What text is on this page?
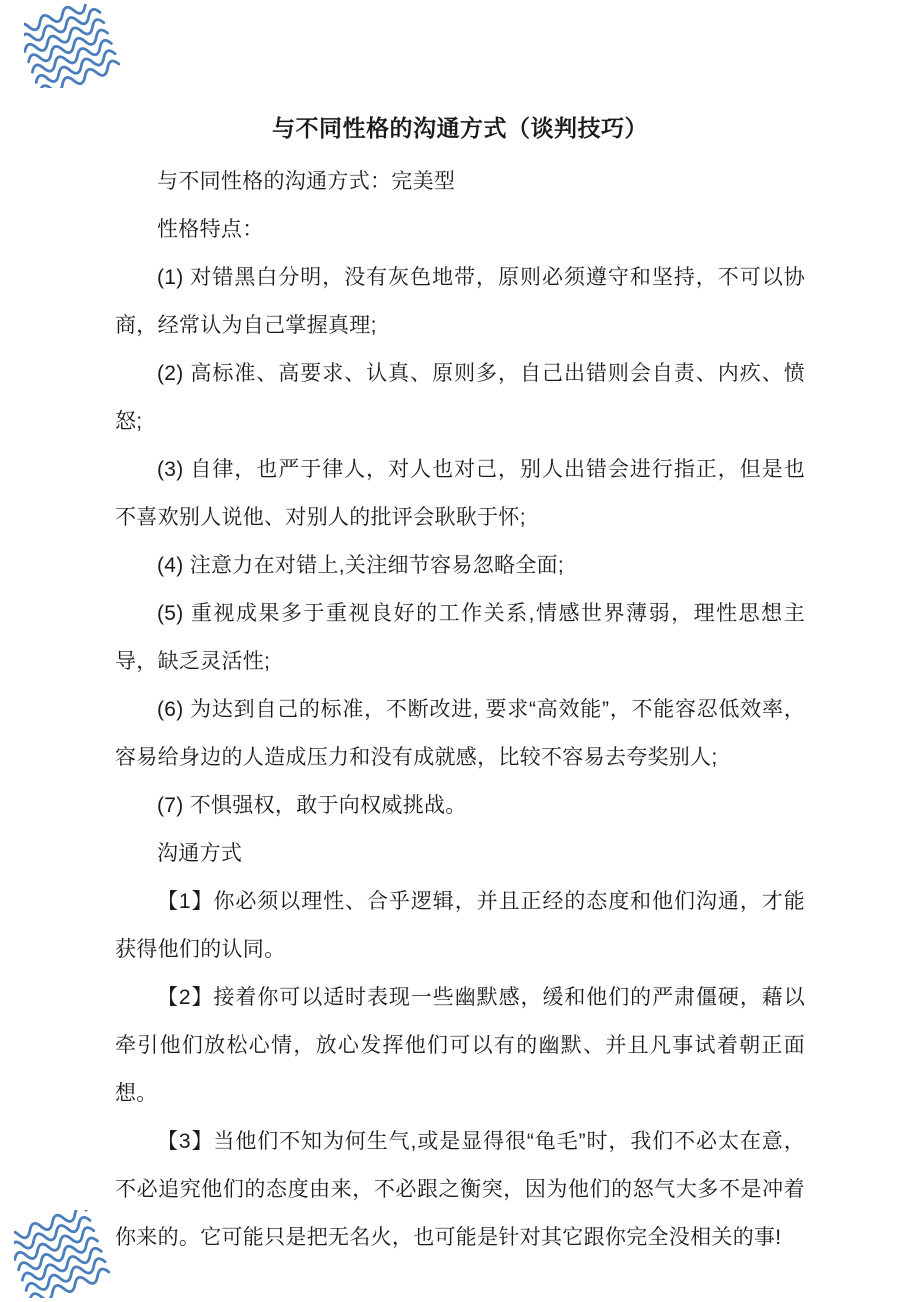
与不同性格的沟通方式（谈判技巧）

与不同性格的沟通方式：完美型

性格特点：

(1) 对错黑白分明，没有灰色地带，原则必须遵守和坚持，不可以协商，经常认为自己掌握真理;

(2) 高标准、高要求、认真、原则多，自己出错则会自责、内疚、愤怒;

(3) 自律，也严于律人，对人也对己，别人出错会进行指正，但是也不喜欢别人说他、对别人的批评会耿耿于怀;

(4) 注意力在对错上,关注细节容易忽略全面;

(5) 重视成果多于重视良好的工作关系,情感世界薄弱，理性思想主导，缺乏灵活性;

(6) 为达到自己的标准，不断改进, 要求“高效能”，不能容忍低效率，容易给身边的人造成压力和没有成就感，比较不容易去夸奖别人;

(7) 不惧强权，敢于向权威挑战。

沟通方式

【1】你必须以理性、合乎逻辑，并且正经的态度和他们沟通，才能获得他们的认同。

【2】接着你可以适时表现一些幽默感，缓和他们的严肃僵硬，藉以牵引他们放松心情，放心发挥他们可以有的幽默、并且凡事试着朝正面想。

【3】当他们不知为何生气,或是显得很“龟毛”时，我们不必太在意，不必追究他们的态度由来，不必跟之衡突，因为他们的怒气大多不是冲着你来的。它可能只是把无名火，也可能是针对其它跟你完全没相关的事!
